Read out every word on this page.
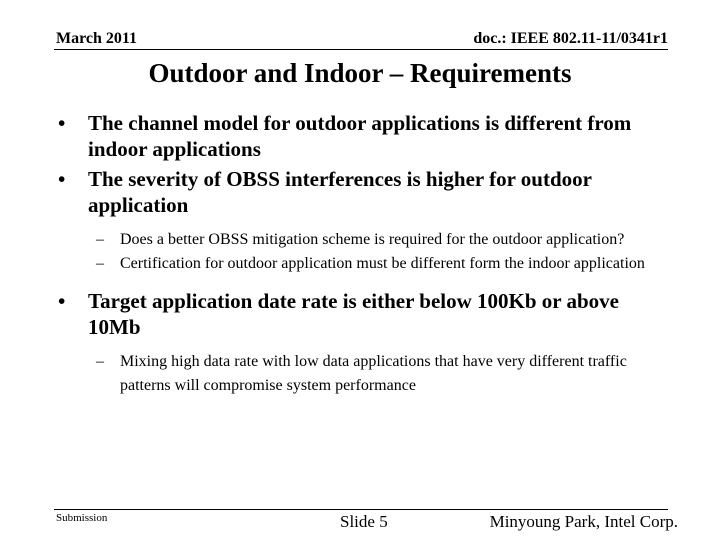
March 2011	doc.: IEEE 802.11-11/0341r1
Outdoor and Indoor – Requirements
• The channel model for outdoor applications is different from indoor applications
• The severity of OBSS interferences is higher for outdoor application
– Does a better OBSS mitigation scheme is required for the outdoor application?
– Certification for outdoor application must be different form the indoor application
• Target application date rate is either below 100Kb or above 10Mb
– Mixing high data rate with low data applications that have very different traffic patterns will compromise system performance
Submission	Slide 5	Minyoung Park, Intel Corp.
